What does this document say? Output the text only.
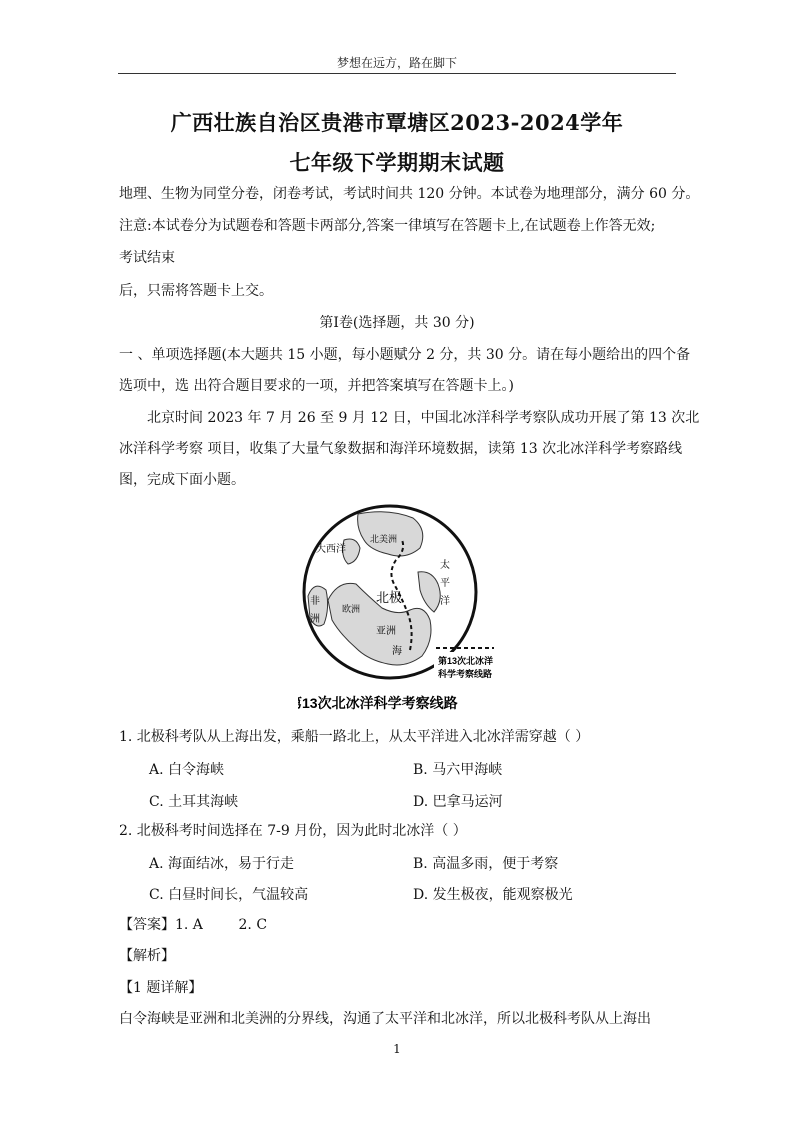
梦想在远方，路在脚下
广西壮族自治区贵港市覃塘区2023-2024学年
七年级下学期期末试题
地理、生物为同堂分卷，闭卷考试，考试时间共 120 分钟。本试卷为地理部分，满分 60 分。
注意:本试卷分为试题卷和答题卡两部分,答案一律填写在答题卡上,在试题卷上作答无效;
考试结束
后，只需将答题卡上交。
第Ⅰ卷(选择题，共 30 分)
一 、单项选择题(本大题共 15 小题，每小题赋分 2 分，共 30 分。请在每小题给出的四个备
选项中，选 出符合题目要求的一项，并把答案填写在答题卡上。)
北京时间 2023 年 7 月 26 至 9 月 12 日，中国北冰洋科学考察队成功开展了第 13 次北
冰洋科学考察 项目，收集了大量气象数据和海洋环境数据，读第 13 次北冰洋科学考察路线
图，完成下面小题。
第13次北冰洋
科学考察线路
大西洋
北美洲
太
平
洋
非
洲
欧洲
北极
亚洲
海
第13次北冰洋科学考察线路
1. 北极科考队从上海出发，乘船一路北上，从太平洋进入北冰洋需穿越（ ）
A. 白令海峡	B. 马六甲海峡
C. 土耳其海峡	D. 巴拿马运河
2. 北极科考时间选择在 7-9 月份，因为此时北冰洋（ ）
A. 海面结冰，易于行走	B. 高温多雨，便于考察
C. 白昼时间长，气温较高	D. 发生极夜，能观察极光
【答案】1. A        2. C
【解析】
【1 题详解】
白令海峡是亚洲和北美洲的分界线，沟通了太平洋和北冰洋，所以北极科考队从上海出
1
